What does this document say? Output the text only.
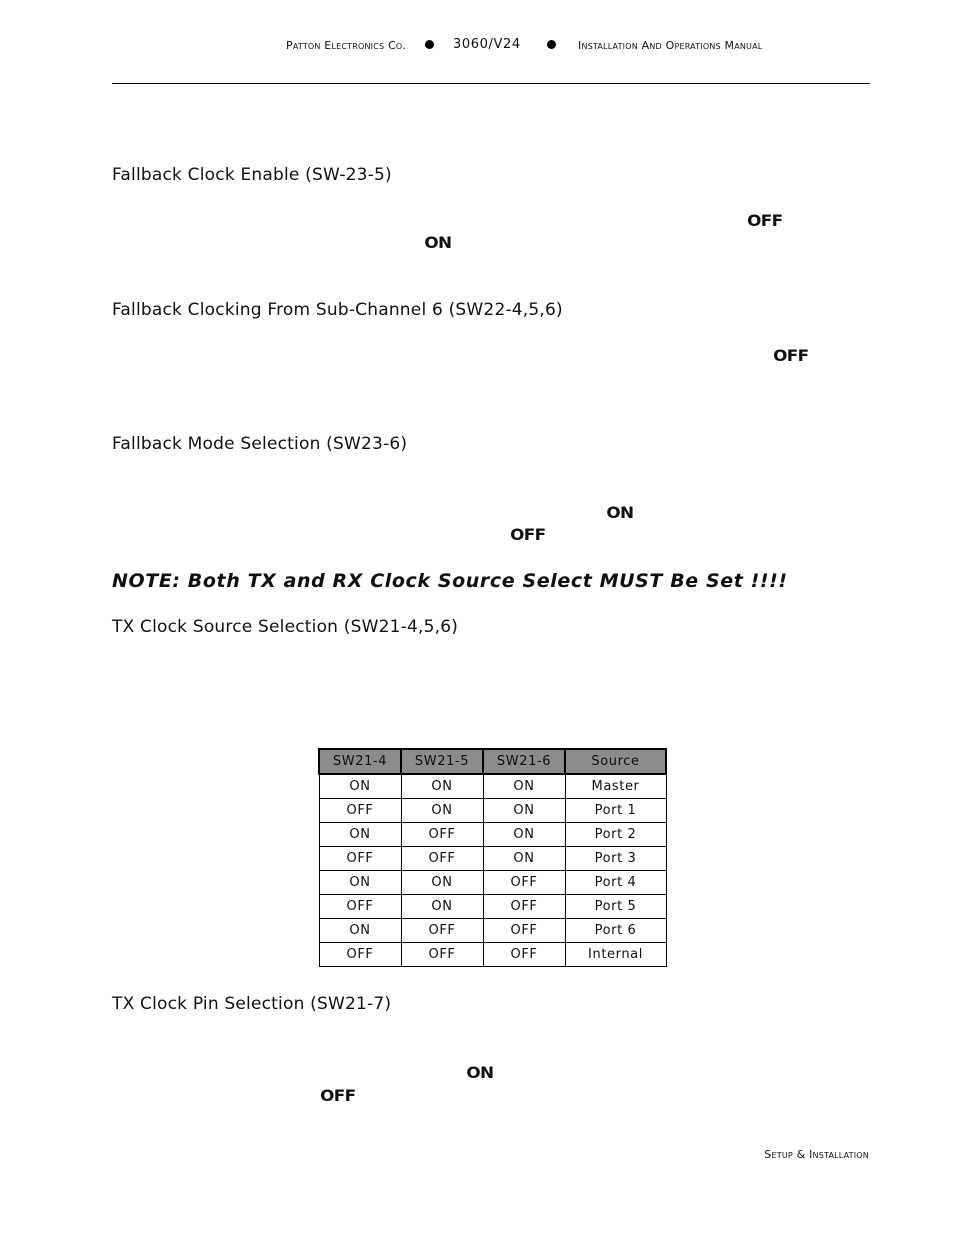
Patton Electronics Co.	3060/V24	Installation And Operations Manual
Fallback Clock Enable (SW-23-5)
OFF
ON
Fallback Clocking From Sub-Channel 6 (SW22-4,5,6)
OFF
Fallback Mode Selection (SW23-6)
ON
OFF
NOTE: Both TX and RX Clock Source Select MUST Be Set !!!!
TX Clock Source Selection (SW21-4,5,6)
SW21-4	SW21-5	SW21-6	Source
ON	ON	ON	Master
OFF	ON	ON	Port 1
ON	OFF	ON	Port 2
OFF	OFF	ON	Port 3
ON	ON	OFF	Port 4
OFF	ON	OFF	Port 5
ON	OFF	OFF	Port 6
OFF	OFF	OFF	Internal
TX Clock Pin Selection (SW21-7)
ON
OFF
Setup & Installation
